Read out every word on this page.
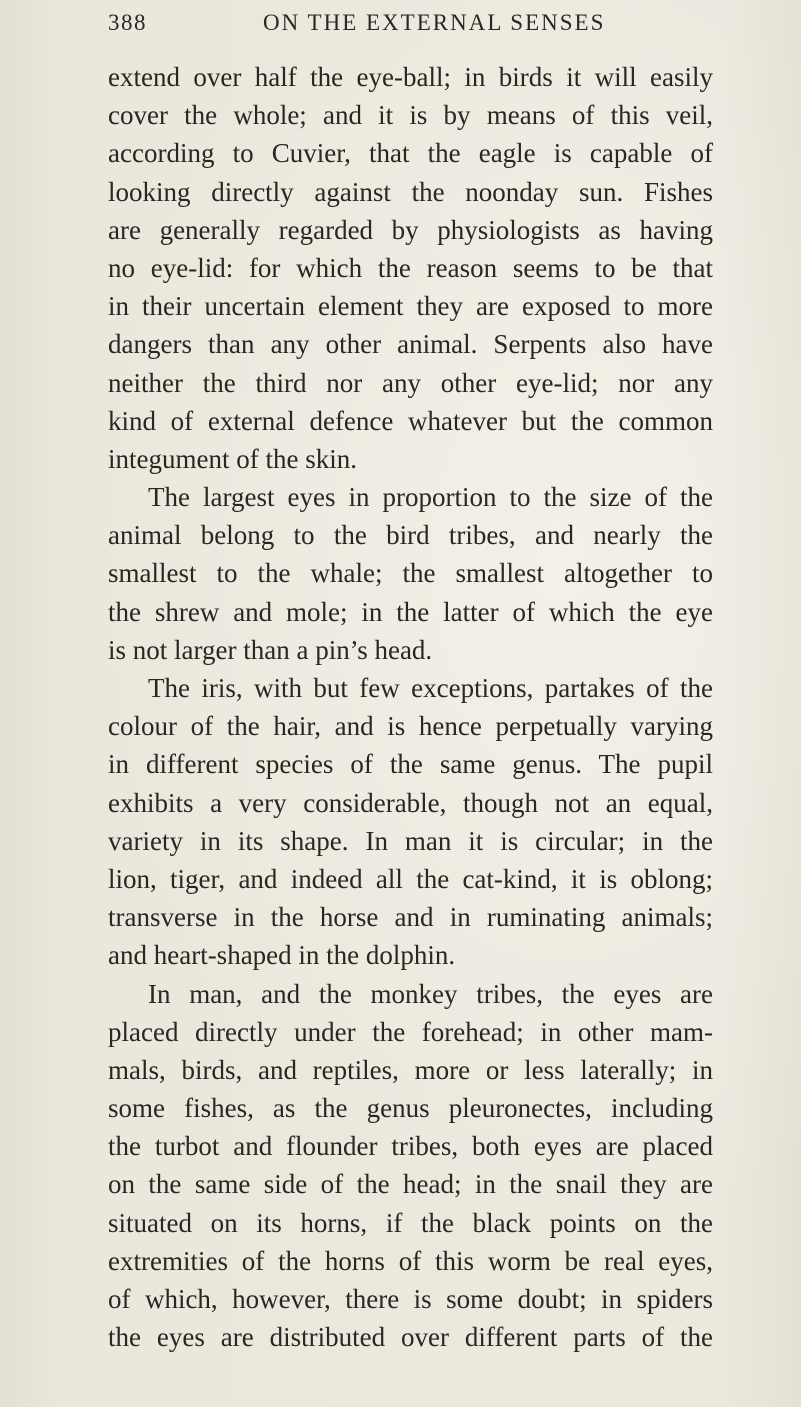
388	ON THE EXTERNAL SENSES
extend over half the eye-ball; in birds it will easily
cover the whole; and it is by means of this veil,
according to Cuvier, that the eagle is capable of
looking directly against the noonday sun. Fishes
are generally regarded by physiologists as having
no eye-lid: for which the reason seems to be that
in their uncertain element they are exposed to more
dangers than any other animal. Serpents also have
neither the third nor any other eye-lid; nor any
kind of external defence whatever but the common
integument of the skin.
The largest eyes in proportion to the size of the
animal belong to the bird tribes, and nearly the
smallest to the whale; the smallest altogether to
the shrew and mole; in the latter of which the eye
is not larger than a pin’s head.
The iris, with but few exceptions, partakes of the
colour of the hair, and is hence perpetually varying
in different species of the same genus. The pupil
exhibits a very considerable, though not an equal,
variety in its shape. In man it is circular; in the
lion, tiger, and indeed all the cat-kind, it is oblong;
transverse in the horse and in ruminating animals;
and heart-shaped in the dolphin.
In man, and the monkey tribes, the eyes are
placed directly under the forehead; in other mam-
mals, birds, and reptiles, more or less laterally; in
some fishes, as the genus pleuronectes, including
the turbot and flounder tribes, both eyes are placed
on the same side of the head; in the snail they are
situated on its horns, if the black points on the
extremities of the horns of this worm be real eyes,
of which, however, there is some doubt; in spiders
the eyes are distributed over different parts of the
